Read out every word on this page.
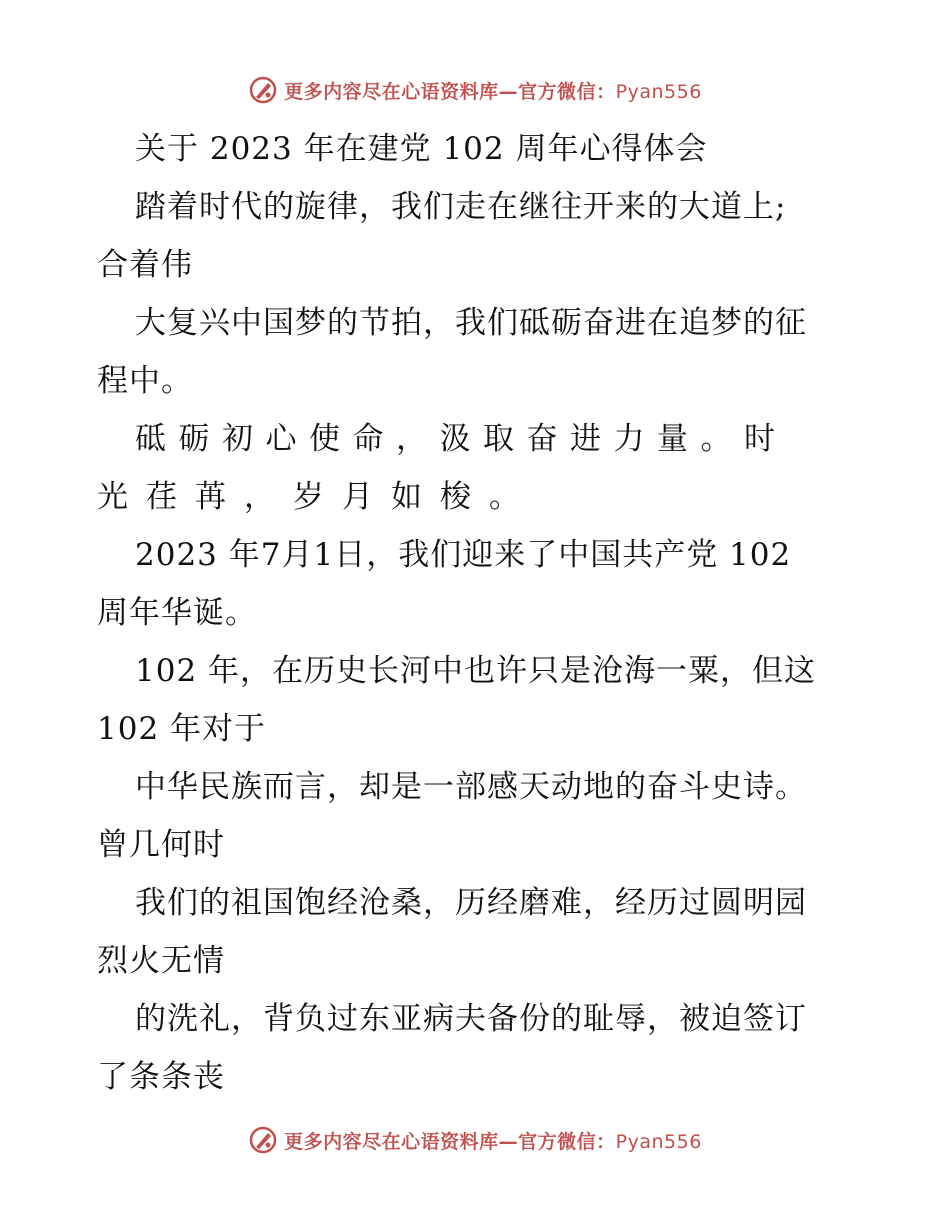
更多内容尽在心语资料库—官方微信：Pyan556
关于 2023 年在建党 102 周年心得体会
踏着时代的旋律，我们走在继往开来的大道上;
合着伟
大复兴中国梦的节拍，我们砥砺奋进在追梦的征
程中。
砥砺初心使命，汲取奋进力量。时
光荏苒，岁月如梭。
2023 年7月1日，我们迎来了中国共产党 102
周年华诞。
102 年，在历史长河中也许只是沧海一粟，但这
102 年对于
中华民族而言，却是一部感天动地的奋斗史诗。
曾几何时
我们的祖国饱经沧桑，历经磨难，经历过圆明园
烈火无情
的洗礼，背负过东亚病夫备份的耻辱，被迫签订
了条条丧
更多内容尽在心语资料库—官方微信：Pyan556
